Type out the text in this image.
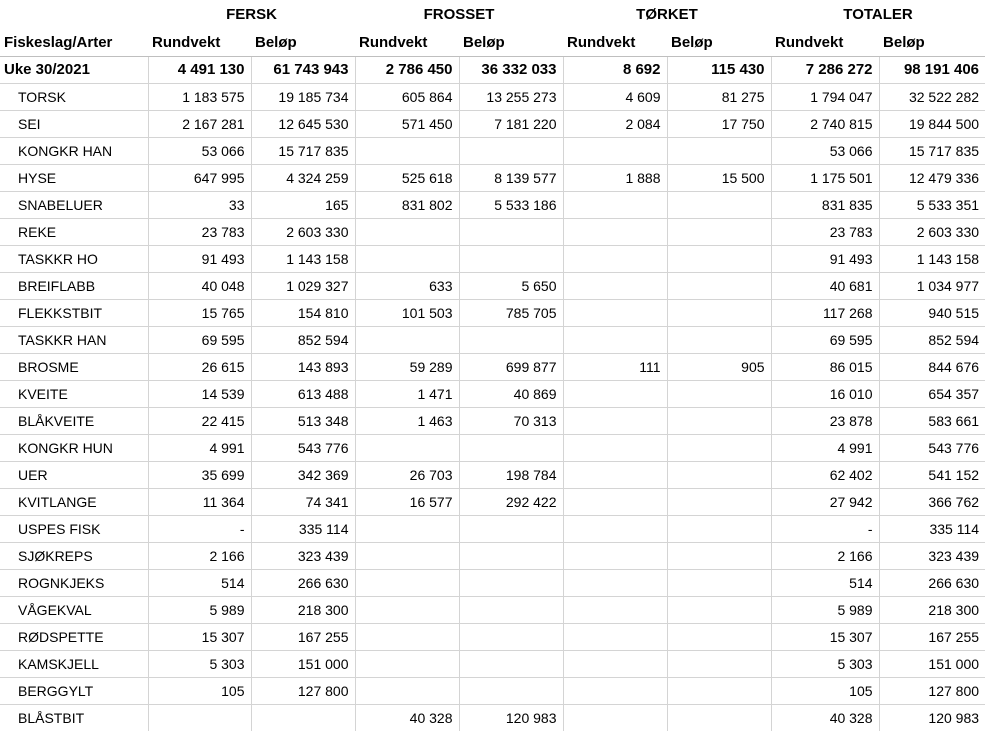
	FERSK		FROSSET		TØRKET		TOTALER	
Fiskeslag/Arter	Rundvekt	Beløp	Rundvekt	Beløp	Rundvekt	Beløp	Rundvekt	Beløp
Uke 30/2021	4 491 130	61 743 943	2 786 450	36 332 033	8 692	115 430	7 286 272	98 191 406
TORSK	1 183 575	19 185 734	605 864	13 255 273	4 609	81 275	1 794 047	32 522 282
SEI	2 167 281	12 645 530	571 450	7 181 220	2 084	17 750	2 740 815	19 844 500
KONGKR HAN	53 066	15 717 835					53 066	15 717 835
HYSE	647 995	4 324 259	525 618	8 139 577	1 888	15 500	1 175 501	12 479 336
SNABELUER	33	165	831 802	5 533 186			831 835	5 533 351
REKE	23 783	2 603 330					23 783	2 603 330
TASKKR HO	91 493	1 143 158					91 493	1 143 158
BREIFLABB	40 048	1 029 327	633	5 650			40 681	1 034 977
FLEKKSTBIT	15 765	154 810	101 503	785 705			117 268	940 515
TASKKR HAN	69 595	852 594					69 595	852 594
BROSME	26 615	143 893	59 289	699 877	111	905	86 015	844 676
KVEITE	14 539	613 488	1 471	40 869			16 010	654 357
BLÅKVEITE	22 415	513 348	1 463	70 313			23 878	583 661
KONGKR HUN	4 991	543 776					4 991	543 776
UER	35 699	342 369	26 703	198 784			62 402	541 152
KVITLANGE	11 364	74 341	16 577	292 422			27 942	366 762
USPES FISK	-	335 114					-	335 114
SJØKREPS	2 166	323 439					2 166	323 439
ROGNKJEKS	514	266 630					514	266 630
VÅGEKVAL	5 989	218 300					5 989	218 300
RØDSPETTE	15 307	167 255					15 307	167 255
KAMSKJELL	5 303	151 000					5 303	151 000
BERGGYLT	105	127 800					105	127 800
BLÅSTBIT			40 328	120 983			40 328	120 983
